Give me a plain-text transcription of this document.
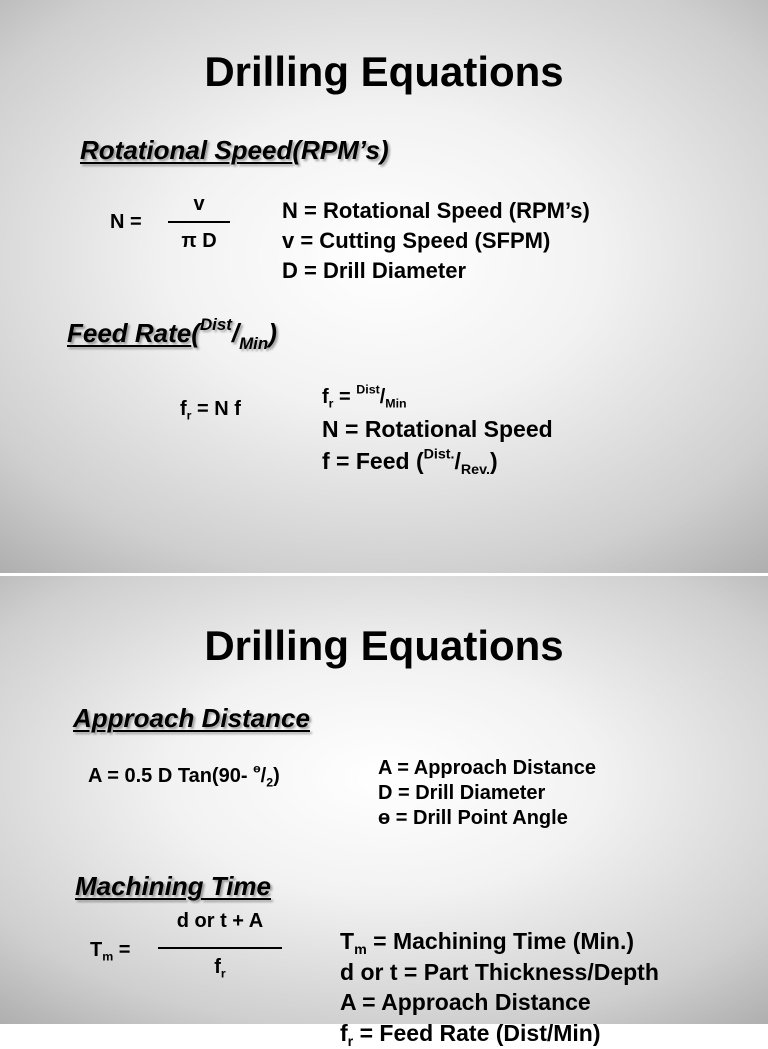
Drilling Equations
Rotational Speed(RPM’s)
N =
v
π D
N = Rotational Speed (RPM’s)
v = Cutting Speed (SFPM)
D = Drill Diameter
Feed $Rate(^{Dist}/_{Min})$
$f_r = N$ f
$f_r = ^{Dist}/_{Min}$
N = Rotational Speed
f = Feed $(^{Dist.}/_{Rev.})$
Drilling Equations
Approach Distance
A = 0.5 D Tan(90- $^ɵ/_2$)	A = Approach Distance
D = Drill Diameter
ɵ = Drill Point Angle
Machining Time
$T_m$ =
d or t + A
$f_r$
$T_m$ = Machining Time (Min.)
d or t = Part Thickness/Depth
A = Approach Distance
$f_r$ = Feed Rate (Dist/Min)
